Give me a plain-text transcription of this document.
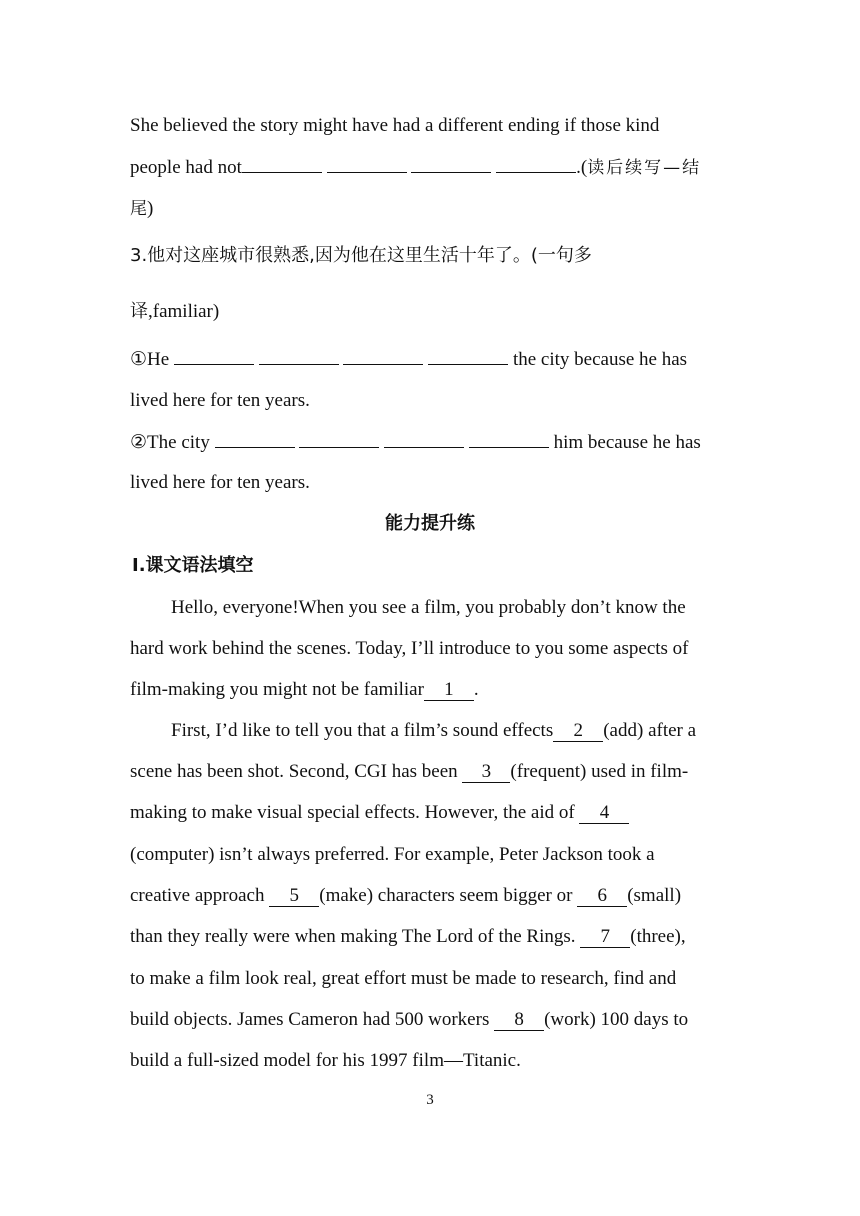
She believed the story might have had a different ending if those kind
people had not	.(读后续写—结
尾)
3.他对这座城市很熟悉,因为他在这里生活十年了。(一句多
译,familiar)
①He	the city because he has
lived here for ten years.
②The city	him because he has
lived here for ten years.
能力提升练
Ⅰ.课文语法填空
Hello, everyone!When you see a film, you probably don’t know the
hard work behind the scenes. Today, I’ll introduce to you some aspects of
film-making you might not be familiar 1 .
First, I’d like to tell you that a film’s sound effects 2 (add) after a
scene has been shot. Second, CGI has been 3 (frequent) used in film-
making to make visual special effects. However, the aid of 4
(computer) isn’t always preferred. For example, Peter Jackson took a
creative approach 5 (make) characters seem bigger or 6 (small)
than they really were when making The Lord of the Rings. 7 (three),
to make a film look real, great effort must be made to research, find and
build objects. James Cameron had 500 workers 8 (work) 100 days to
build a full-sized model for his 1997 film—Titanic.
3
